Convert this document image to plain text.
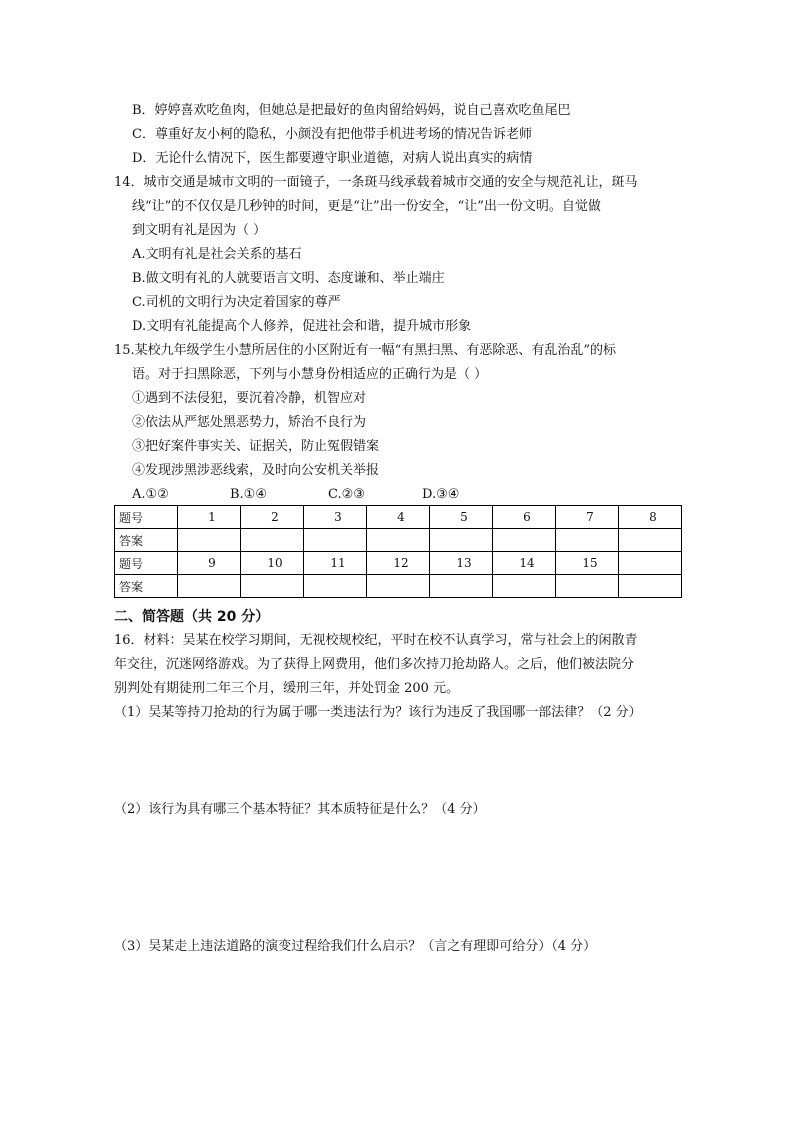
B．婷婷喜欢吃鱼肉，但她总是把最好的鱼肉留给妈妈，说自己喜欢吃鱼尾巴
C．尊重好友小柯的隐私，小颜没有把他带手机进考场的情况告诉老师
D．无论什么情况下，医生都要遵守职业道德，对病人说出真实的病情
14．城市交通是城市文明的一面镜子，一条斑马线承载着城市交通的安全与规范礼让，斑马
线“让”的不仅仅是几秒钟的时间，更是“让”出一份安全，“让”出一份文明。自觉做
到文明有礼是因为（ ）
A.文明有礼是社会关系的基石
B.做文明有礼的人就要语言文明、态度谦和、举止端庄
C.司机的文明行为决定着国家的尊严
D.文明有礼能提高个人修养，促进社会和谐，提升城市形象
15.某校九年级学生小慧所居住的小区附近有一幅“有黑扫黑、有恶除恶、有乱治乱”的标
语。对于扫黑除恶，下列与小慧身份相适应的正确行为是（ ）
①遇到不法侵犯，要沉着冷静，机智应对
②依法从严惩处黑恶势力，矫治不良行为
③把好案件事实关、证据关，防止冤假错案
④发现涉黑涉恶线索，及时向公安机关举报
A.①②	B.①④	C.②③	D.③④
题号	1	2	3	4	5	6	7	8
答案								
题号	9	10	11	12	13	14	15	
答案								
二、简答题（共 20 分）
16．材料：吴某在校学习期间，无视校规校纪，平时在校不认真学习，常与社会上的闲散青
年交往，沉迷网络游戏。为了获得上网费用，他们多次持刀抢劫路人。之后，他们被法院分
别判处有期徒刑二年三个月，缓刑三年，并处罚金 200 元。
（1）吴某等持刀抢劫的行为属于哪一类违法行为？该行为违反了我国哪一部法律？（2 分）
（2）该行为具有哪三个基本特征？其本质特征是什么？（4 分）
（3）吴某走上违法道路的演变过程给我们什么启示？（言之有理即可给分）（4 分）
